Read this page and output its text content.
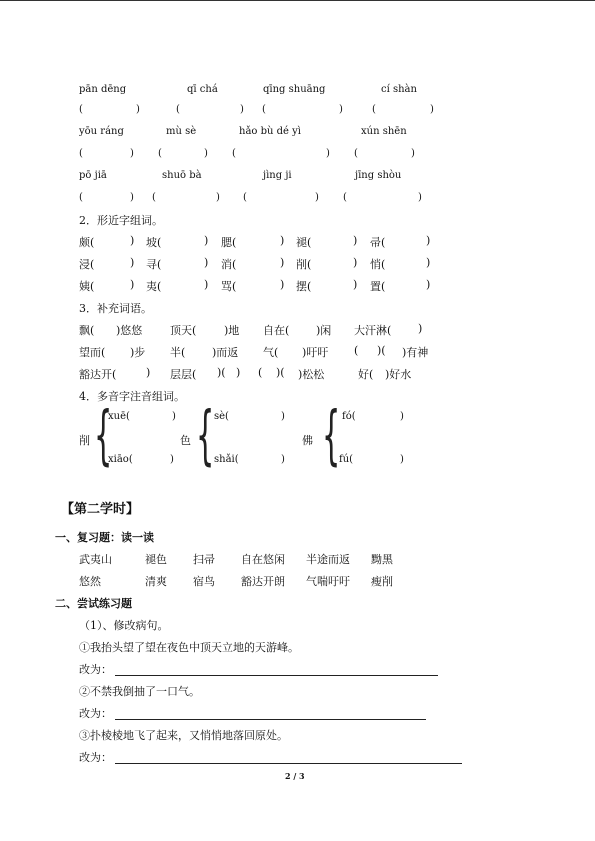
pān dēng	qī chá	qīng shuāng	cí shàn
(	)	(	) (	)	(	)
yōu ráng	mù sè	hǎo bù dé yì	xún shēn
(	) (	) (	) (	)
pō jiā	shuō bà	jìng ji	jīng shòu
(	) (	) (	) (	)
2．形近字组词。
颇(	) 坡(	) 腮(	) 褪(	) 帚(	)
浸(	) 寻(	) 消(	) 削(	) 悄(	)
姨(	) 夷(	) 骂(	) 摆(	) 置(	)
3．补充词语。
飘( )悠悠	顶天(	)地 自在( )闲 大汗淋( )
望而( )步 半( )而返 气( )吁吁 ( )( )有神
豁达开(	) 层层( )( ) ( )( )松松	好( )好水
4．多音字注音组词。
削 {
xuē(	)
xiāo(	)
色 { sè(	)
shǎi(	)
佛 { fó(	)
fú(	)
【第二学时】
一、复习题：读一读
武夷山	褪色 扫帚 自在悠闲 半途而返 黝黑
悠然	清爽 宿鸟 豁达开朗 气喘吁吁 瘦削
二、尝试练习题
（1）、修改病句。
①我抬头望了望在夜色中顶天立地的天游峰。
改为：
②不禁我倒抽了一口气。
改为：
③扑棱棱地飞了起来，又悄悄地落回原处。
改为：
2 / 3
